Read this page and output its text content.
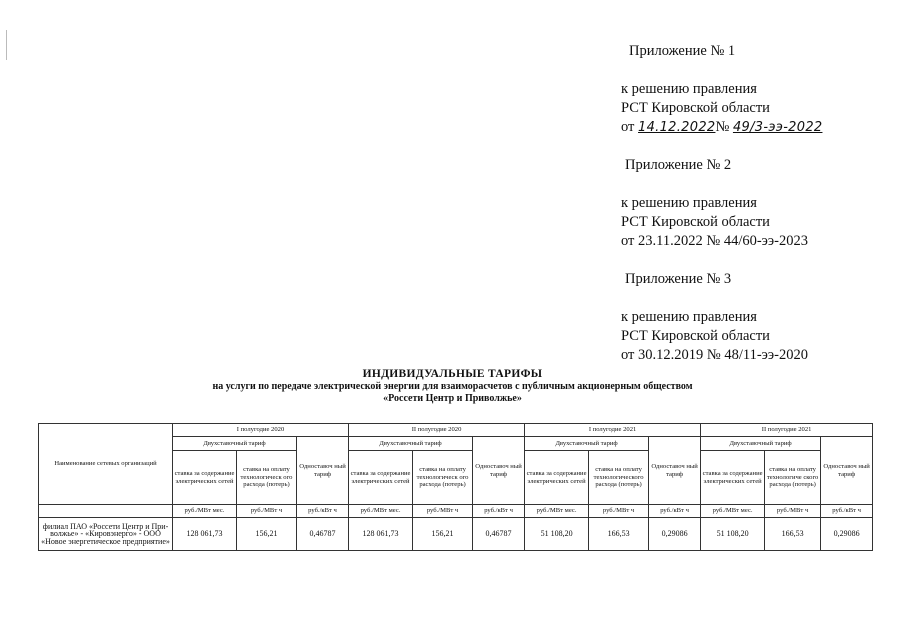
Приложение № 1
к решению правления
РСТ Кировской области
от 14.12.2022№ 49/3-ээ-2022
Приложение № 2
к решению правления
РСТ Кировской области
от 23.11.2022 № 44/60-ээ-2023
Приложение № 3
к решению правления
РСТ Кировской области
от 30.12.2019 № 48/11-ээ-2020
ИНДИВИДУАЛЬНЫЕ ТАРИФЫ
на услуги по передаче электрической энергии для взаиморасчетов с публичным акционерным обществом
«Россети Центр и Приволжье»
Наименование сетевых организаций	I полугодие 2020			II полугодие 2020			I полугодие 2021			II полугодие 2021		
	Двухставочный тариф		Одноставоч ный тариф	Двухставочный тариф		Одноставоч ный тариф	Двухставочный тариф		Одноставоч ный тариф	Двухставочный тариф		Одноставоч ный тариф
	ставка за содержание электрических сетей	ставка на оплату технологическ ого расхода (потерь)		ставка за содержание электрических сетей	ставка на оплату технологическ ого расхода (потерь)		ставка за содержание электрических сетей	ставка на оплату технологического расхода (потерь)		ставка за содержание электрических сетей	ставка на оплату технологиче ского расхода (потерь)	
	руб./МВт мес.	руб./МВт ч	руб./кВт ч	руб./МВт мес.	руб./МВт ч	руб./кВт ч	руб./МВт мес.	руб./МВт ч	руб./кВт ч	руб./МВт мес.	руб./МВт ч	руб./кВт ч
филиал ПАО «Россети Центр и При- волжье» - «Кировэнерго» - ООО «Новое энергетическое предприятие»	128 061,73	156,21	0,46787	128 061,73	156,21	0,46787	51 108,20	166,53	0,29086	51 108,20	166,53	0,29086
